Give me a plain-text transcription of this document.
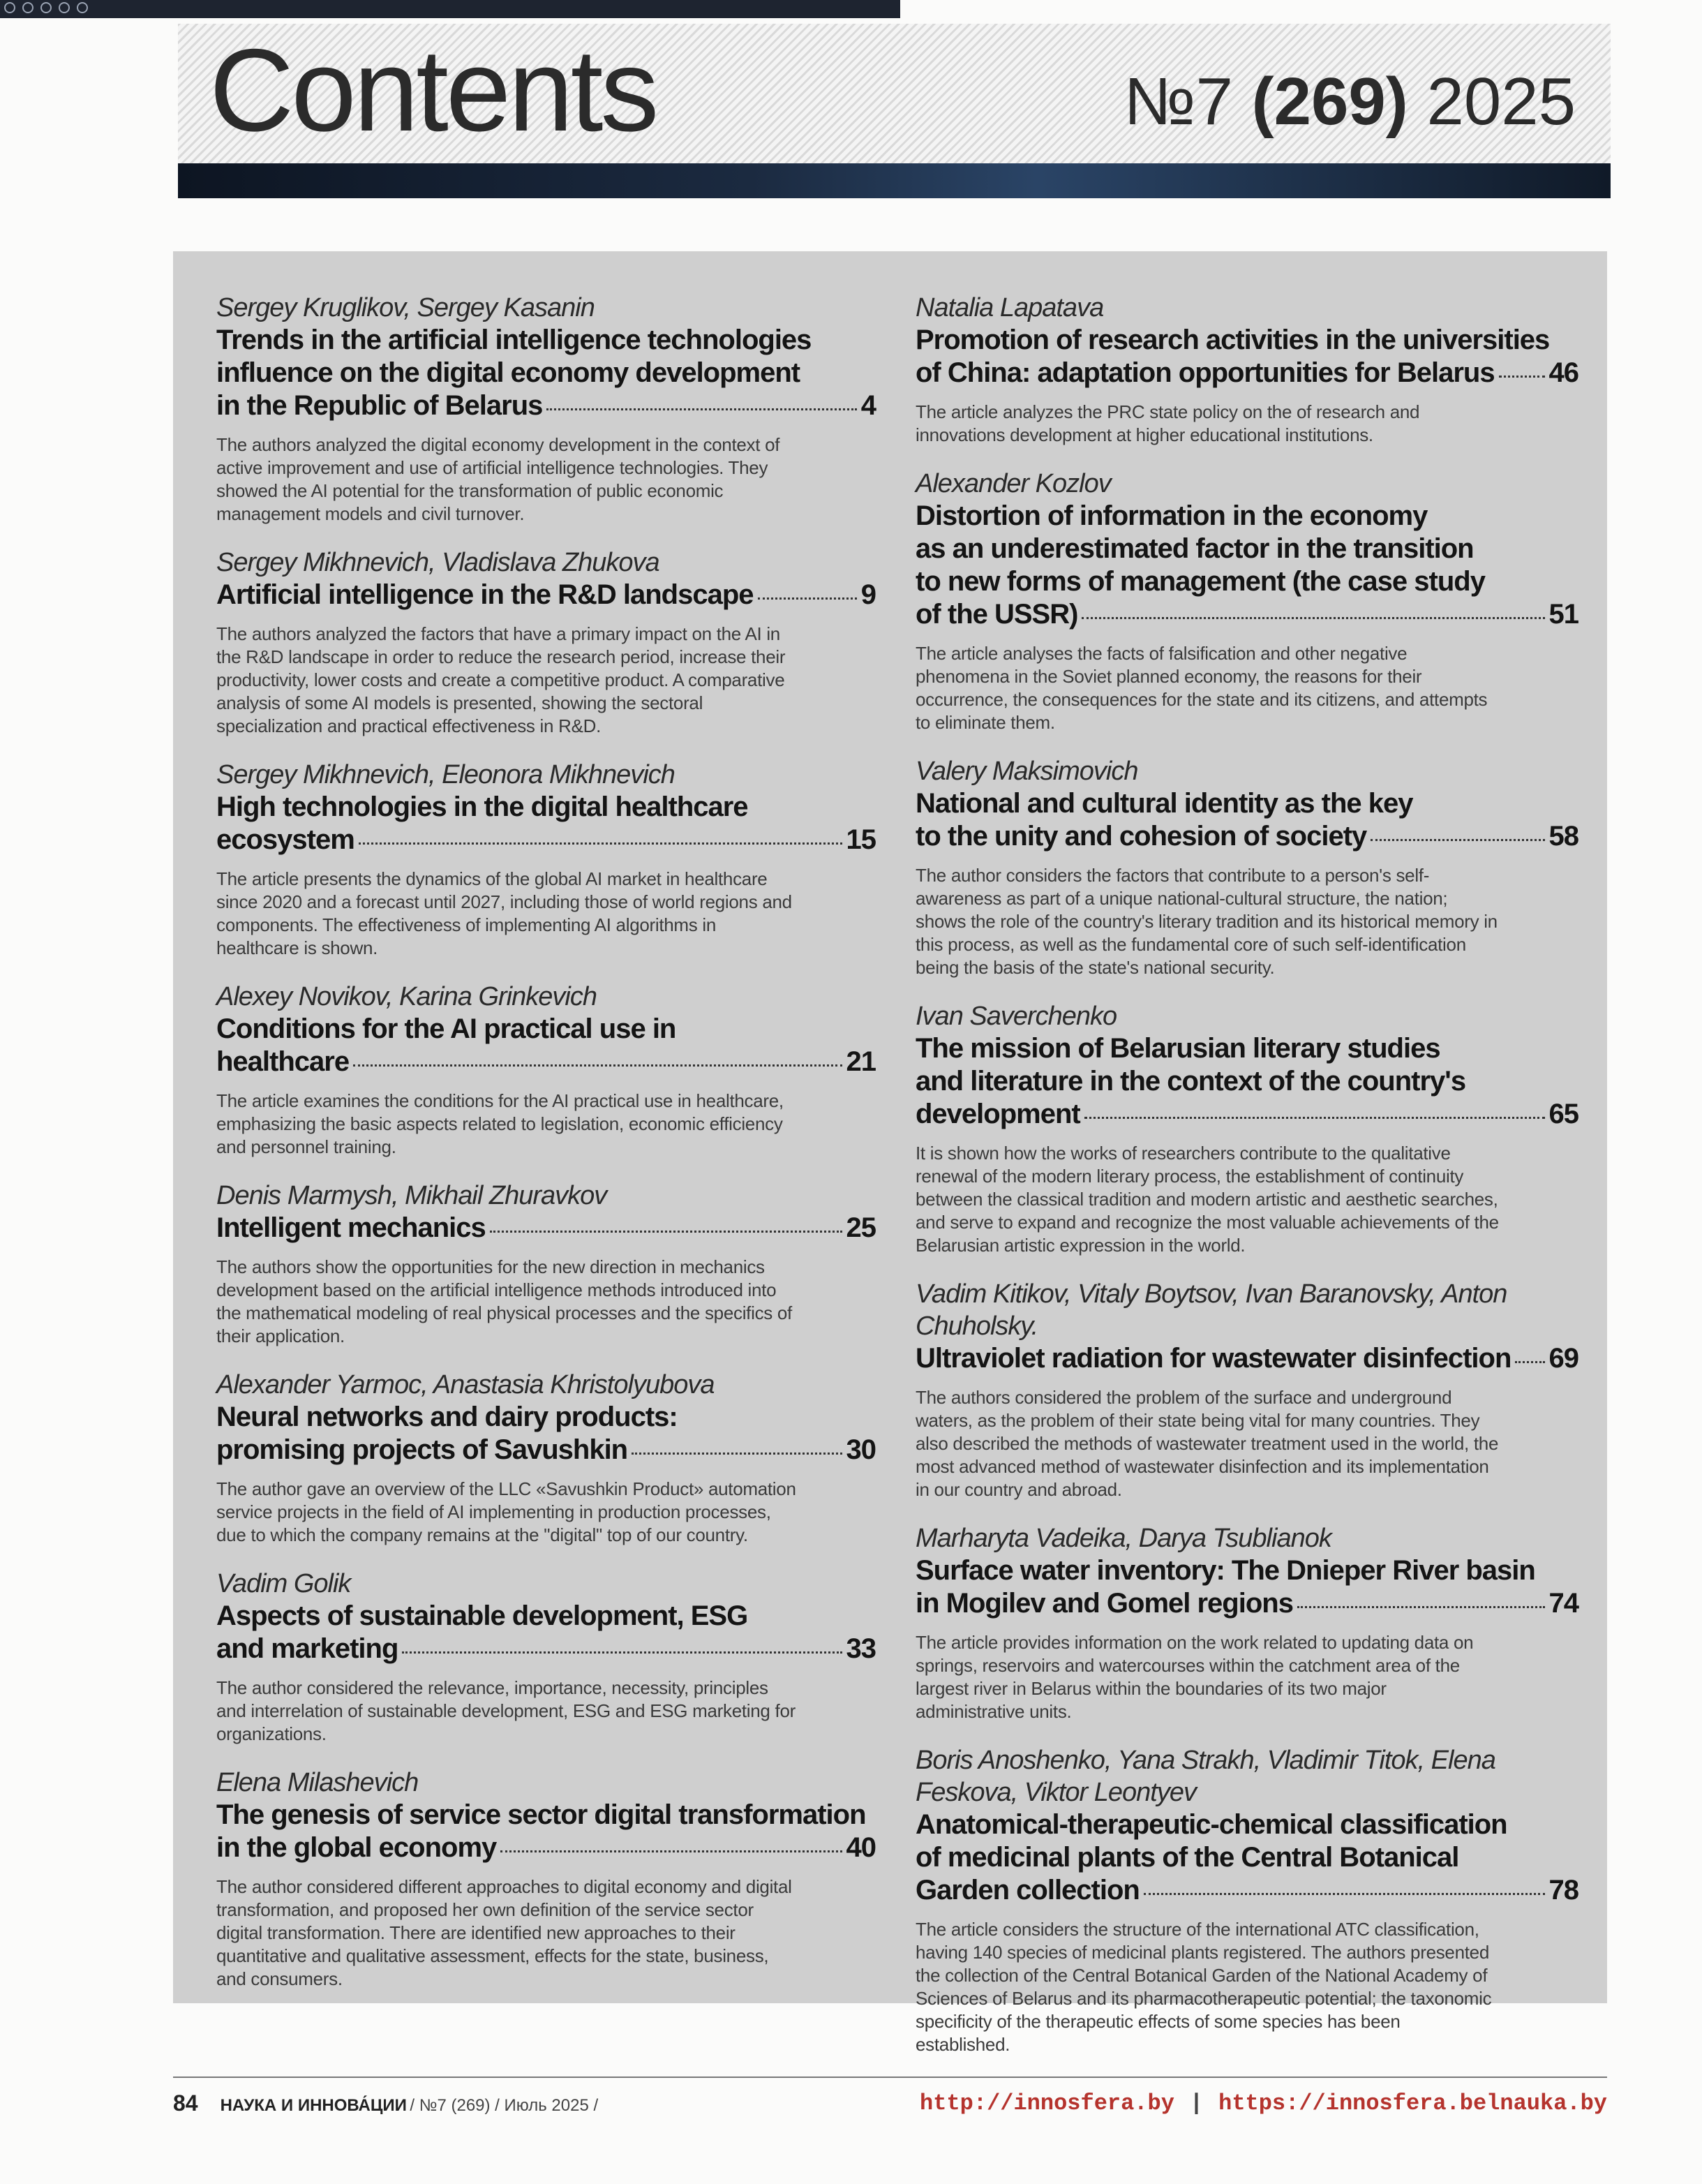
Contents	№7 (269) 2025
Sergey Kruglikov, Sergey Kasanin
Trends in the artificial intelligence technologies
influence on the digital economy development
in the Republic of Belarus	4
The authors analyzed the digital economy development in the context of active improvement and use of artificial intelligence technologies. They showed the AI potential for the transformation of public economic management models and civil turnover.
Sergey Mikhnevich, Vladislava Zhukova
Artificial intelligence in the R&D landscape	9
The authors analyzed the factors that have a primary impact on the AI in the R&D landscape in order to reduce the research period, increase their productivity, lower costs and create a competitive product. A comparative analysis of some AI models is presented, showing the sectoral specialization and practical effectiveness in R&D.
Sergey Mikhnevich, Eleonora Mikhnevich
High technologies in the digital healthcare
ecosystem	15
The article presents the dynamics of the global AI market in healthcare since 2020 and a forecast until 2027, including those of world regions and components. The effectiveness of implementing AI algorithms in healthcare is shown.
Alexey Novikov, Karina Grinkevich
Conditions for the AI practical use in
healthcare	21
The article examines the conditions for the AI practical use in healthcare, emphasizing the basic aspects related to legislation, economic efficiency and personnel training.
Denis Marmysh, Mikhail Zhuravkov
Intelligent mechanics	25
The authors show the opportunities for the new direction in mechanics development based on the artificial intelligence methods introduced into the mathematical modeling of real physical processes and the specifics of their application.
Alexander Yarmoc, Anastasia Khristolyubova
Neural networks and dairy products:
promising projects of Savushkin	30
The author gave an overview of the LLC «Savushkin Product» automation service projects in the field of AI implementing in production processes, due to which the company remains at the "digital" top of our country.
Vadim Golik
Aspects of sustainable development, ESG
and marketing	33
The author considered the relevance, importance, necessity, principles and interrelation of sustainable development, ESG and ESG marketing for organizations.
Elena Milashevich
The genesis of service sector digital transformation
in the global economy	40
The author considered different approaches to digital economy and digital transformation, and proposed her own definition of the service sector digital transformation. There are identified new approaches to their quantitative and qualitative assessment, effects for the state, business, and consumers.
Natalia Lapatava
Promotion of research activities in the universities
of China: adaptation opportunities for Belarus 46
The article analyzes the PRC state policy on the of research and innovations development at higher educational institutions.
Alexander Kozlov
Distortion of information in the economy
as an underestimated factor in the transition
to new forms of management (the case study
of the USSR)	51
The article analyses the facts of falsification and other negative phenomena in the Soviet planned economy, the reasons for their occurrence, the consequences for the state and its citizens, and attempts to eliminate them.
Valery Maksimovich
National and cultural identity as the key
to the unity and cohesion of society	58
The author considers the factors that contribute to a person's self-awareness as part of a unique national-cultural structure, the nation; shows the role of the country's literary tradition and its historical memory in this process, as well as the fundamental core of such self-identification being the basis of the state's national security.
Ivan Saverchenko
The mission of Belarusian literary studies
and literature in the context of the country's
development	65
It is shown how the works of researchers contribute to the qualitative renewal of the modern literary process, the establishment of continuity between the classical tradition and modern artistic and aesthetic searches, and serve to expand and recognize the most valuable achievements of the Belarusian artistic expression in the world.
Vadim Kitikov, Vitaly Boytsov, Ivan Baranovsky, Anton Chuholsky.
Ultraviolet radiation for wastewater disinfection 69
The authors considered the problem of the surface and underground waters, as the problem of their state being vital for many countries. They also described the methods of wastewater treatment used in the world, the most advanced method of wastewater disinfection and its implementation in our country and abroad.
Marharyta Vadeika, Darya Tsublianok
Surface water inventory: The Dnieper River basin
in Mogilev and Gomel regions	74
The article provides information on the work related to updating data on springs, reservoirs and watercourses within the catchment area of the largest river in Belarus within the boundaries of its two major administrative units.
Boris Anoshenko, Yana Strakh, Vladimir Titok, Elena Feskova, Viktor Leontyev
Anatomical-therapeutic-chemical classification
of medicinal plants of the Central Botanical
Garden collection	78
The article considers the structure of the international ATC classification, having 140 species of medicinal plants registered. The authors presented the collection of the Central Botanical Garden of the National Academy of Sciences of Belarus and its pharmacotherapeutic potential; the taxonomic specificity of the therapeutic effects of some species has been established.
84 НАУКА И ИННОВА́ЦИИ / №7 (269) / Июль 2025 /	http://innosfera.by | https://innosfera.belnauka.by
